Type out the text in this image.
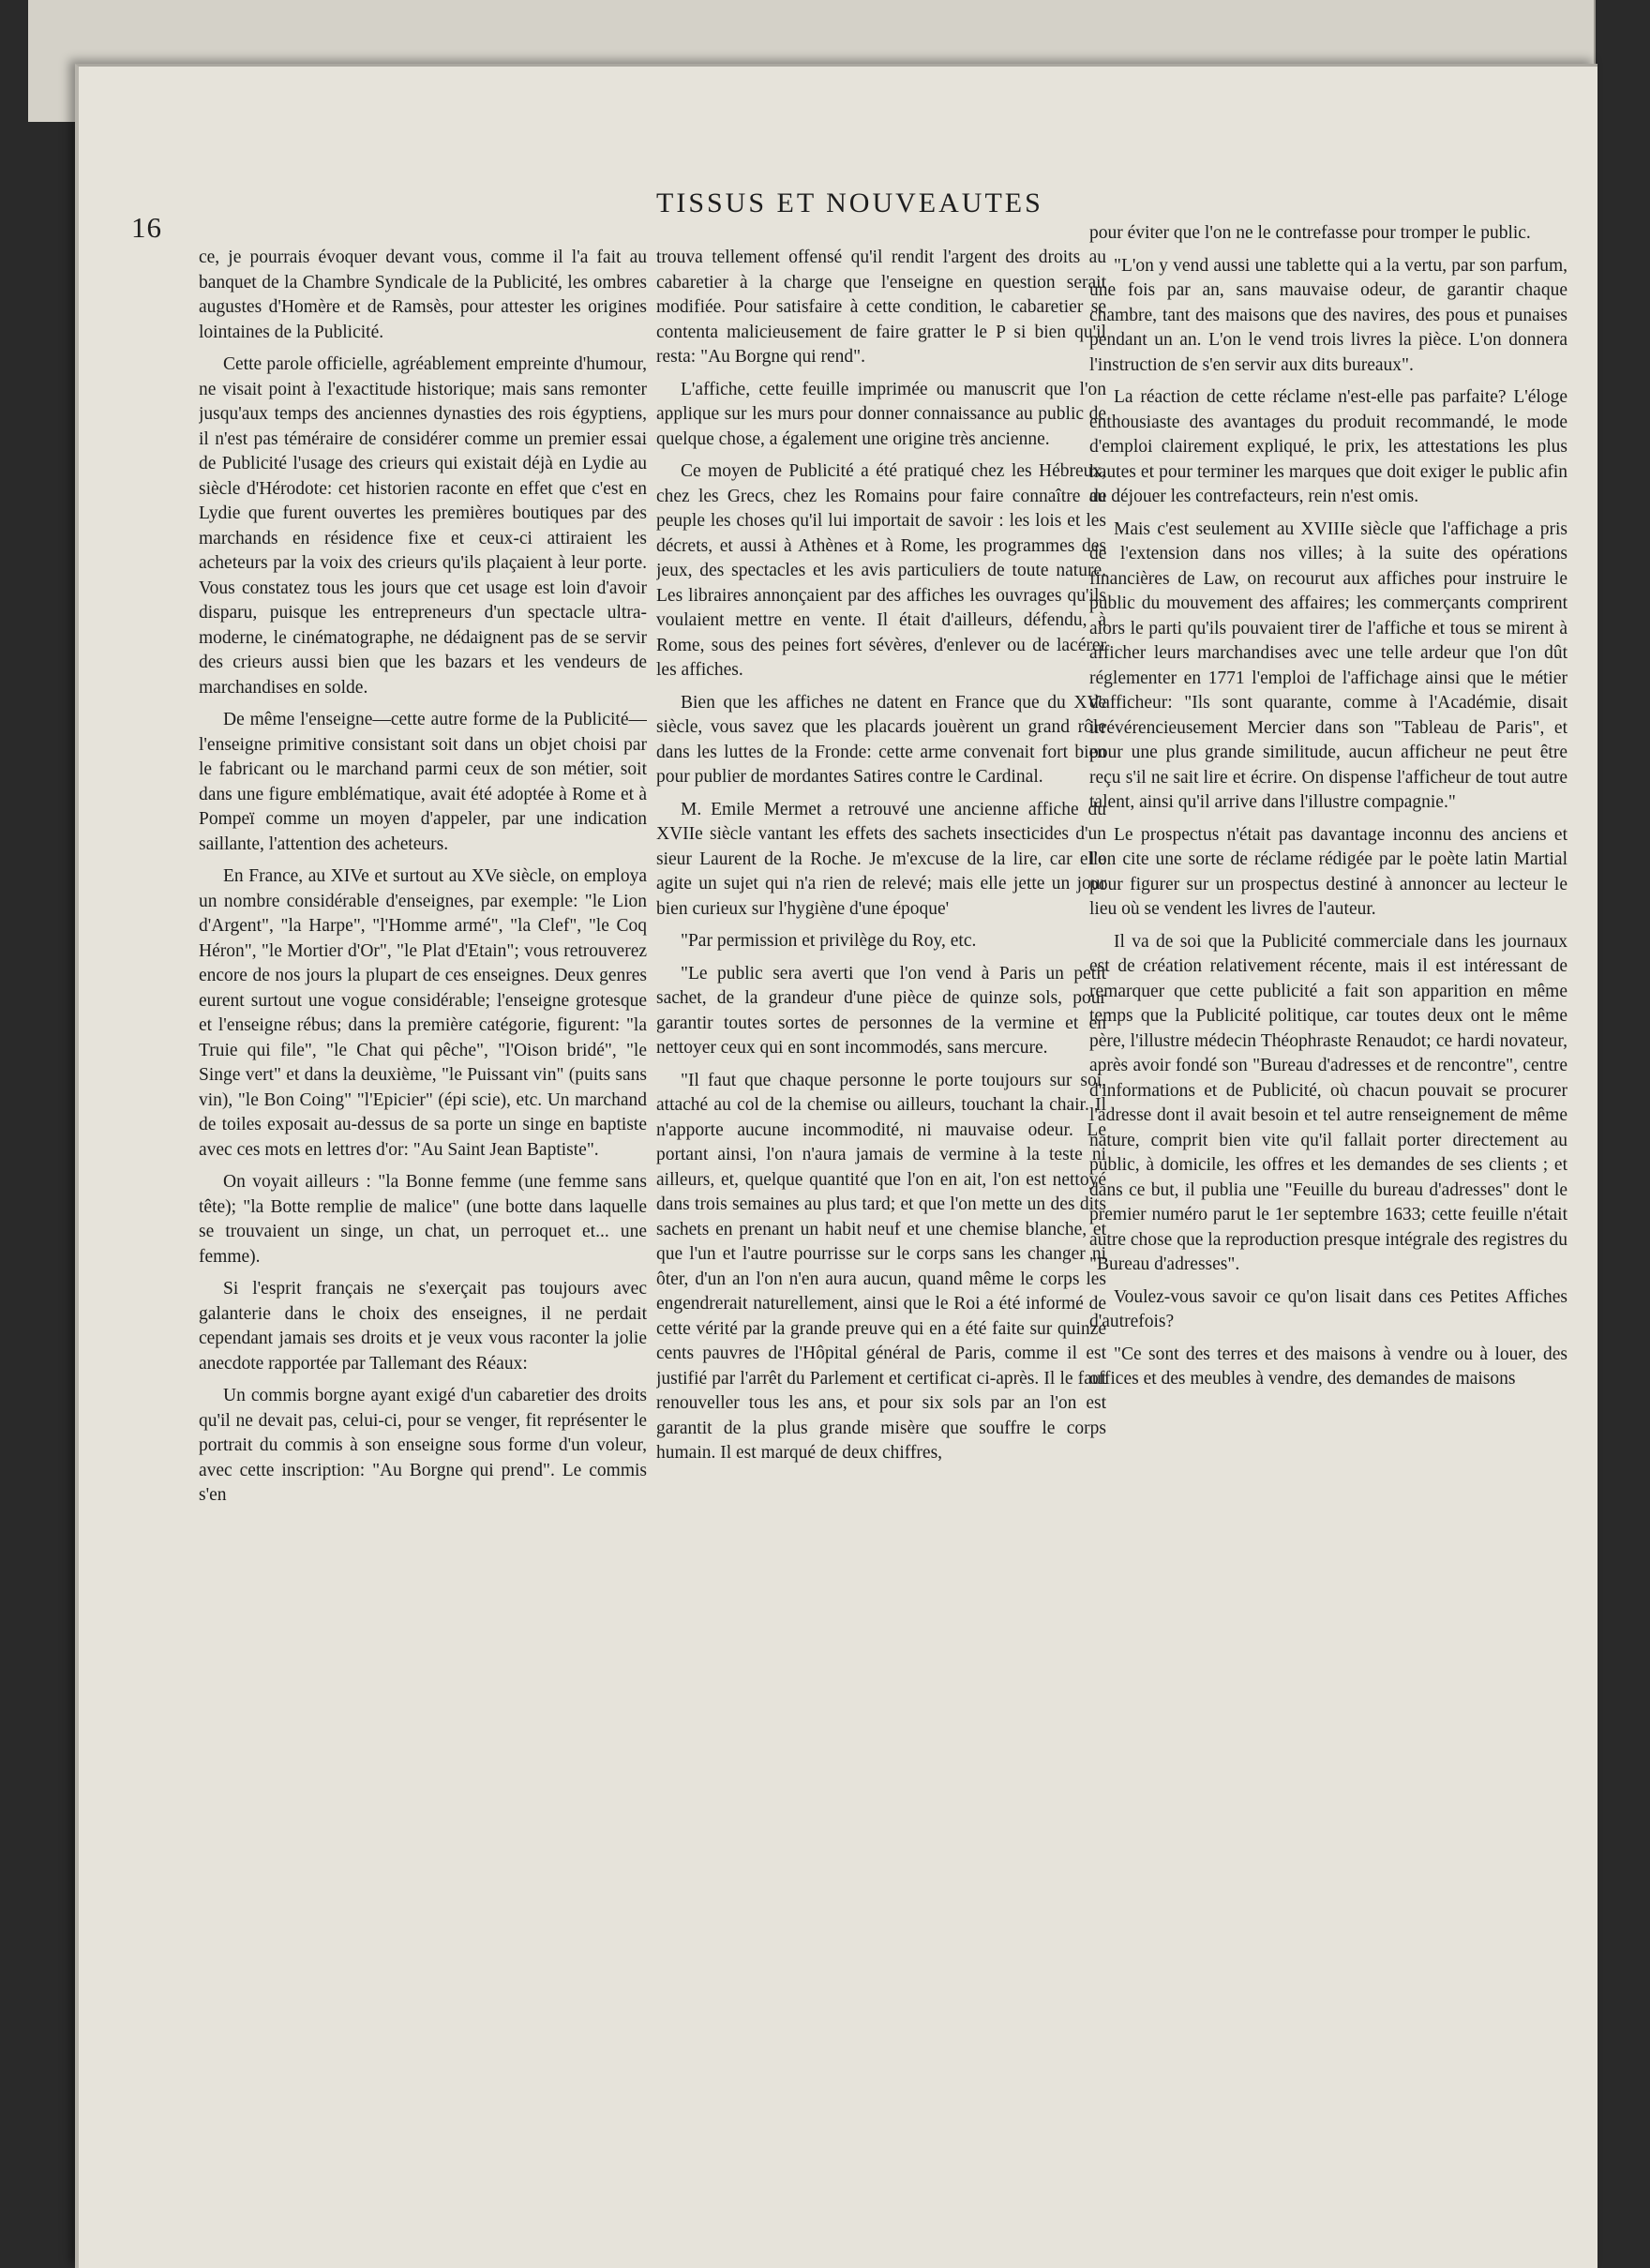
16
TISSUS ET NOUVEAUTES

ce, je pourrais évoquer devant vous, comme il l'a fait au banquet de la Chambre Syndicale de la Publicité, les ombres augustes d'Homère et de Ramsès, pour attester les origines lointaines de la Publicité.

Cette parole officielle, agréablement empreinte d'humour, ne visait point à l'exactitude historique; mais sans remonter jusqu'aux temps des anciennes dynasties des rois égyptiens, il n'est pas téméraire de considérer comme un premier essai de Publicité l'usage des crieurs qui existait déjà en Lydie au siècle d'Hérodote: cet historien raconte en effet que c'est en Lydie que furent ouvertes les premières boutiques par des marchands en résidence fixe et ceux-ci attiraient les acheteurs par la voix des crieurs qu'ils plaçaient à leur porte. Vous constatez tous les jours que cet usage est loin d'avoir disparu, puisque les entrepreneurs d'un spectacle ultra-moderne, le cinématographe, ne dédaignent pas de se servir des crieurs aussi bien que les bazars et les vendeurs de marchandises en solde.

De même l'enseigne—cette autre forme de la Publicité—l'enseigne primitive consistant soit dans un objet choisi par le fabricant ou le marchand parmi ceux de son métier, soit dans une figure emblématique, avait été adoptée à Rome et à Pompeï comme un moyen d'appeler, par une indication saillante, l'attention des acheteurs.

En France, au XIVe et surtout au XVe siècle, on employa un nombre considérable d'enseignes, par exemple: "le Lion d'Argent", "la Harpe", "l'Homme armé", "la Clef", "le Coq Héron", "le Mortier d'Or", "le Plat d'Etain"; vous retrouverez encore de nos jours la plupart de ces enseignes. Deux genres eurent surtout une vogue considérable; l'enseigne grotesque et l'enseigne rébus; dans la première catégorie, figurent: "la Truie qui file", "le Chat qui pêche", "l'Oison bridé", "le Singe vert" et dans la deuxième, "le Puissant vin" (puits sans vin), "le Bon Coing" "l'Epicier" (épi scie), etc. Un marchand de toiles exposait au-dessus de sa porte un singe en baptiste avec ces mots en lettres d'or: "Au Saint Jean Baptiste".

On voyait ailleurs : "la Bonne femme (une femme sans tête); "la Botte remplie de malice" (une botte dans laquelle se trouvaient un singe, un chat, un perroquet et... une femme).

Si l'esprit français ne s'exerçait pas toujours avec galanterie dans le choix des enseignes, il ne perdait cependant jamais ses droits et je veux vous raconter la jolie anecdote rapportée par Tallemant des Réaux:

Un commis borgne ayant exigé d'un cabaretier des droits qu'il ne devait pas, celui-ci, pour se venger, fit représenter le portrait du commis à son enseigne sous forme d'un voleur, avec cette inscription: "Au Borgne qui prend". Le commis s'en

trouva tellement offensé qu'il rendit l'argent des droits au cabaretier à la charge que l'enseigne en question serait modifiée. Pour satisfaire à cette condition, le cabaretier se contenta malicieusement de faire gratter le P si bien qu'il resta: "Au Borgne qui rend".

L'affiche, cette feuille imprimée ou manuscrit que l'on applique sur les murs pour donner connaissance au public de quelque chose, a également une origine très ancienne.

Ce moyen de Publicité a été pratiqué chez les Hébreux, chez les Grecs, chez les Romains pour faire connaître au peuple les choses qu'il lui importait de savoir : les lois et les décrets, et aussi à Athènes et à Rome, les programmes des jeux, des spectacles et les avis particuliers de toute nature. Les libraires annonçaient par des affiches les ouvrages qu'ils voulaient mettre en vente. Il était d'ailleurs, défendu, à Rome, sous des peines fort sévères, d'enlever ou de lacérer les affiches.

Bien que les affiches ne datent en France que du XVe siècle, vous savez que les placards jouèrent un grand rôle dans les luttes de la Fronde: cette arme convenait fort bien pour publier de mordantes Satires contre le Cardinal.

M. Emile Mermet a retrouvé une ancienne affiche du XVIIe siècle vantant les effets des sachets insecticides d'un sieur Laurent de la Roche. Je m'excuse de la lire, car elle agite un sujet qui n'a rien de relevé; mais elle jette un jour bien curieux sur l'hygiène d'une époque'

"Par permission et privilège du Roy, etc.

"Le public sera averti que l'on vend à Paris un petit sachet, de la grandeur d'une pièce de quinze sols, pour garantir toutes sortes de personnes de la vermine et en nettoyer ceux qui en sont incommodés, sans mercure.

"Il faut que chaque personne le porte toujours sur soi, attaché au col de la chemise ou ailleurs, touchant la chair. Il n'apporte aucune incommodité, ni mauvaise odeur. Le portant ainsi, l'on n'aura jamais de vermine à la teste ni ailleurs, et, quelque quantité que l'on en ait, l'on est nettoyé dans trois semaines au plus tard; et que l'on mette un des dits sachets en prenant un habit neuf et une chemise blanche, et que l'un et l'autre pourrisse sur le corps sans les changer ni ôter, d'un an l'on n'en aura aucun, quand même le corps les engendrerait naturellement, ainsi que le Roi a été informé de cette vérité par la grande preuve qui en a été faite sur quinze cents pauvres de l'Hôpital général de Paris, comme il est justifié par l'arrêt du Parlement et certificat ci-après. Il le faut renouveller tous les ans, et pour six sols par an l'on est garantit de la plus grande misère que souffre le corps humain. Il est marqué de deux chiffres,

pour éviter que l'on ne le contrefasse pour tromper le public.

"L'on y vend aussi une tablette qui a la vertu, par son parfum, une fois par an, sans mauvaise odeur, de garantir chaque chambre, tant des maisons que des navires, des pous et punaises pendant un an. L'on le vend trois livres la pièce. L'on donnera l'instruction de s'en servir aux dits bureaux".

La réaction de cette réclame n'est-elle pas parfaite? L'éloge enthousiaste des avantages du produit recommandé, le mode d'emploi clairement expliqué, le prix, les attestations les plus hautes et pour terminer les marques que doit exiger le public afin de déjouer les contrefacteurs, rein n'est omis.

Mais c'est seulement au XVIIIe siècle que l'affichage a pris de l'extension dans nos villes; à la suite des opérations financières de Law, on recourut aux affiches pour instruire le public du mouvement des affaires; les commerçants comprirent alors le parti qu'ils pouvaient tirer de l'affiche et tous se mirent à afficher leurs marchandises avec une telle ardeur que l'on dût réglementer en 1771 l'emploi de l'affichage ainsi que le métier d'afficheur: "Ils sont quarante, comme à l'Académie, disait irrévérencieusement Mercier dans son "Tableau de Paris", et pour une plus grande similitude, aucun afficheur ne peut être reçu s'il ne sait lire et écrire. On dispense l'afficheur de tout autre talent, ainsi qu'il arrive dans l'illustre compagnie."

Le prospectus n'était pas davantage inconnu des anciens et l'on cite une sorte de réclame rédigée par le poète latin Martial pour figurer sur un prospectus destiné à annoncer au lecteur le lieu où se vendent les livres de l'auteur.

Il va de soi que la Publicité commerciale dans les journaux est de création relativement récente, mais il est intéressant de remarquer que cette publicité a fait son apparition en même temps que la Publicité politique, car toutes deux ont le même père, l'illustre médecin Théophraste Renaudot; ce hardi novateur, après avoir fondé son "Bureau d'adresses et de rencontre", centre d'informations et de Publicité, où chacun pouvait se procurer l'adresse dont il avait besoin et tel autre renseignement de même nature, comprit bien vite qu'il fallait porter directement au public, à domicile, les offres et les demandes de ses clients ; et dans ce but, il publia une "Feuille du bureau d'adresses" dont le premier numéro parut le 1er septembre 1633; cette feuille n'était autre chose que la reproduction presque intégrale des registres du "Bureau d'adresses".

Voulez-vous savoir ce qu'on lisait dans ces Petites Affiches d'autrefois?

"Ce sont des terres et des maisons à vendre ou à louer, des offices et des meubles à vendre, des demandes de maisons
